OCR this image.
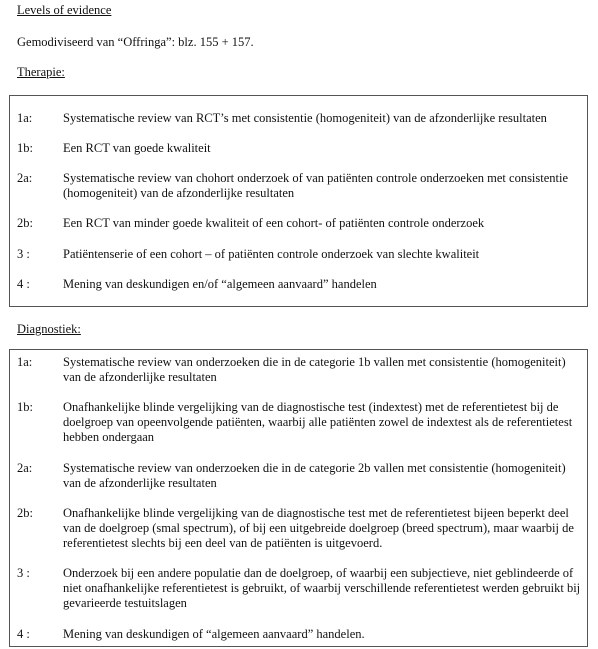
Levels of evidence
Gemodiviseerd van “Offringa”: blz. 155 + 157.
Therapie:
1a:	Systematische review van RCT’s met consistentie (homogeniteit) van de afzonderlijke resultaten
1b:	Een RCT van goede kwaliteit
2a:	Systematische review van chohort onderzoek of van patiënten controle onderzoeken met consistentie (homogeniteit) van de afzonderlijke resultaten
2b:	Een RCT van minder goede kwaliteit of een cohort- of patiënten controle onderzoek
3 :	Patiëntenserie of een cohort – of patiënten controle onderzoek van slechte kwaliteit
4 :	Mening van deskundigen en/of “algemeen aanvaard” handelen
Diagnostiek:
1a:	Systematische review van onderzoeken die in de categorie 1b vallen met consistentie (homogeniteit) van de afzonderlijke resultaten
1b:	Onafhankelijke blinde vergelijking van de diagnostische test (indextest) met de referentietest bij de doelgroep van opeenvolgende patiënten, waarbij alle patiënten zowel de indextest als de referentietest hebben ondergaan
2a:	Systematische review van onderzoeken die in de categorie 2b vallen met consistentie (homogeniteit) van de afzonderlijke resultaten
2b:	Onafhankelijke blinde vergelijking van de diagnostische test met de referentietest bijeen beperkt deel van de doelgroep (smal spectrum), of bij een uitgebreide doelgroep (breed spectrum), maar waarbij de referentietest slechts bij een deel van de patiënten is uitgevoerd.
3 :	Onderzoek bij een andere populatie dan de doelgroep, of waarbij een subjectieve, niet geblindeerde of niet onafhankelijke referentietest is gebruikt, of waarbij verschillende referentietest werden gebruikt bij gevarieerde testuitslagen
4 :	Mening van deskundigen of “algemeen aanvaard” handelen.
